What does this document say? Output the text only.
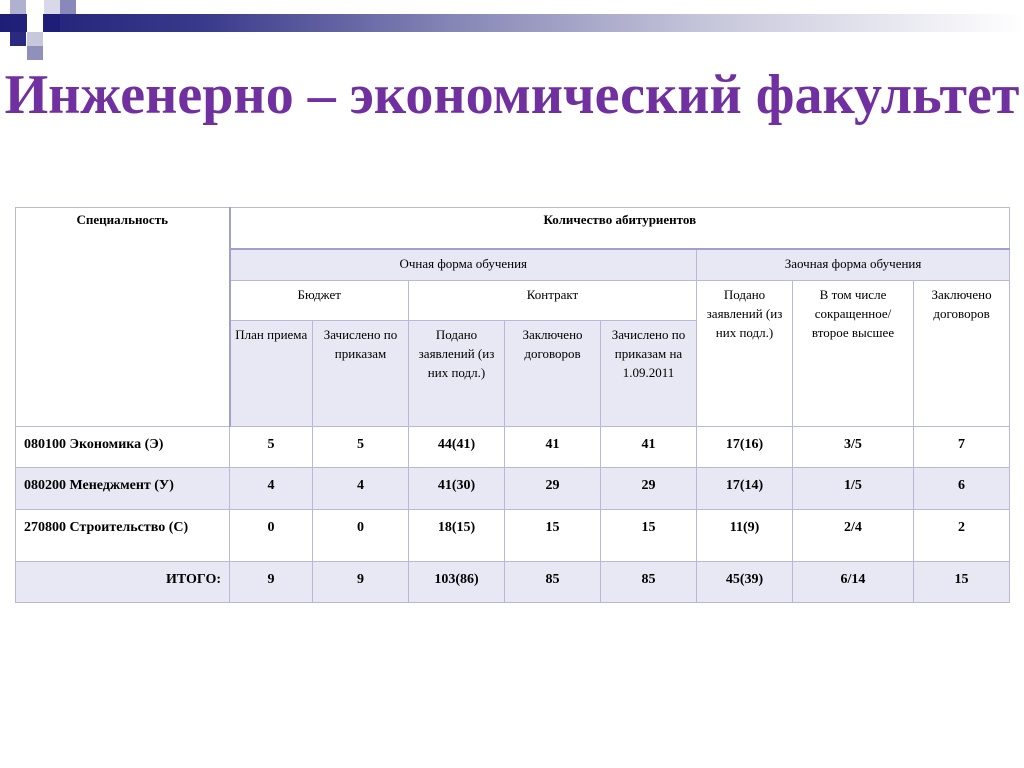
Инженерно – экономический факультет
Специальность	Количество абитуриентов							
	Очная форма обучения					Заочная форма обучения		
	Бюджет		Контракт			Подано заявлений (из них подл.)	В том числе сокращенное/ второе высшее	Заключено договоров
	План приема	Зачислено по приказам	Подано заявлений (из них подл.)	Заключено договоров	Зачислено по приказам на 1.09.2011			
080100 Экономика (Э)	5	5	44(41)	41	41	17(16)	3/5	7
080200 Менеджмент (У)	4	4	41(30)	29	29	17(14)	1/5	6
270800 Строительство (С)	0	0	18(15)	15	15	11(9)	2/4	2
ИТОГО:	9	9	103(86)	85	85	45(39)	6/14	15
